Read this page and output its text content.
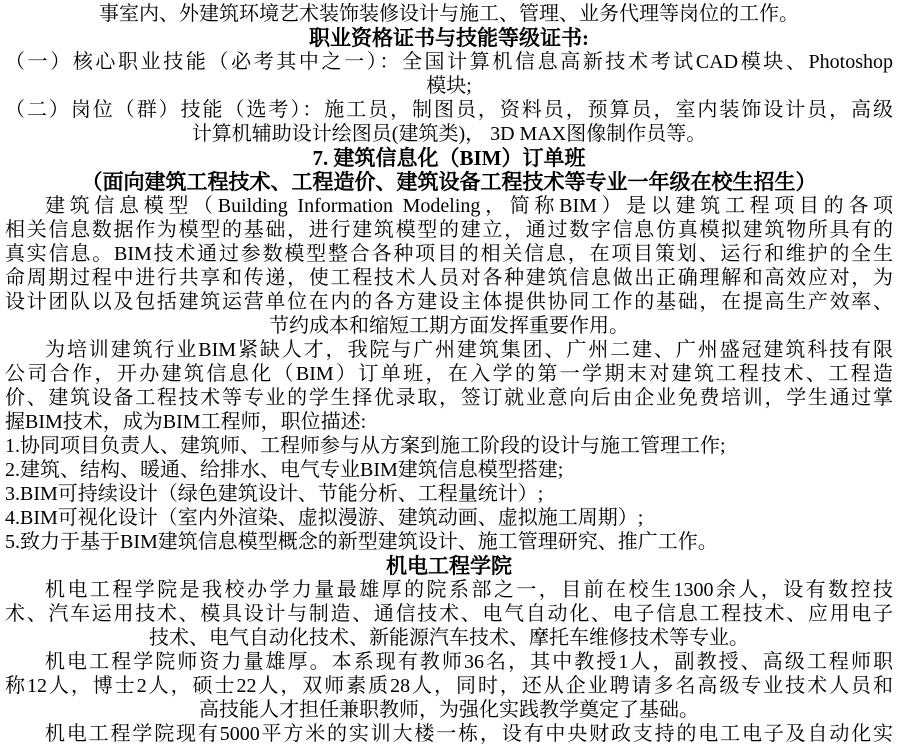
事室内、外建筑环境艺术装饰装修设计与施工、管理、业务代理等岗位的工作。
职业资格证书与技能等级证书:
（一）核心职业技能（必考其中之一）：全国计算机信息高新技术考试CAD模块、Photoshop
模块;
（二）岗位（群）技能（选考）：施工员，制图员，资料员，预算员，室内装饰设计员，高级
计算机辅助设计绘图员(建筑类)， 3D MAX图像制作员等。
7. 建筑信息化（BIM）订单班
（面向建筑工程技术、工程造价、建筑设备工程技术等专业一年级在校生招生）
建筑信息模型（Building Information Modeling，简称BIM）是以建筑工程项目的各项
相关信息数据作为模型的基础，进行建筑模型的建立，通过数字信息仿真模拟建筑物所具有的
真实信息。BIM技术通过参数模型整合各种项目的相关信息，在项目策划、运行和维护的全生
命周期过程中进行共享和传递，使工程技术人员对各种建筑信息做出正确理解和高效应对，为
设计团队以及包括建筑运营单位在内的各方建设主体提供协同工作的基础，在提高生产效率、
节约成本和缩短工期方面发挥重要作用。
为培训建筑行业BIM紧缺人才，我院与广州建筑集团、广州二建、广州盛冠建筑科技有限
公司合作，开办建筑信息化（BIM）订单班，在入学的第一学期末对建筑工程技术、工程造
价、建筑设备工程技术等专业的学生择优录取，签订就业意向后由企业免费培训，学生通过掌
握BIM技术，成为BIM工程师，职位描述:
1.协同项目负责人、建筑师、工程师参与从方案到施工阶段的设计与施工管理工作;
2.建筑、结构、暖通、给排水、电气专业BIM建筑信息模型搭建;
3.BIM可持续设计（绿色建筑设计、节能分析、工程量统计）;
4.BIM可视化设计（室内外渲染、虚拟漫游、建筑动画、虚拟施工周期）;
5.致力于基于BIM建筑信息模型概念的新型建筑设计、施工管理研究、推广工作。
机电工程学院
机电工程学院是我校办学力量最雄厚的院系部之一，目前在校生1300余人，设有数控技
术、汽车运用技术、模具设计与制造、通信技术、电气自动化、电子信息工程技术、应用电子
技术、电气自动化技术、新能源汽车技术、摩托车维修技术等专业。
机电工程学院师资力量雄厚。本系现有教师36名，其中教授1人，副教授、高级工程师职
称12人，博士2人，硕士22人，双师素质28人，同时，还从企业聘请多名高级专业技术人员和
高技能人才担任兼职教师，为强化实践教学奠定了基础。
机电工程学院现有5000平方米的实训大楼一栋，设有中央财政支持的电工电子及自动化实
